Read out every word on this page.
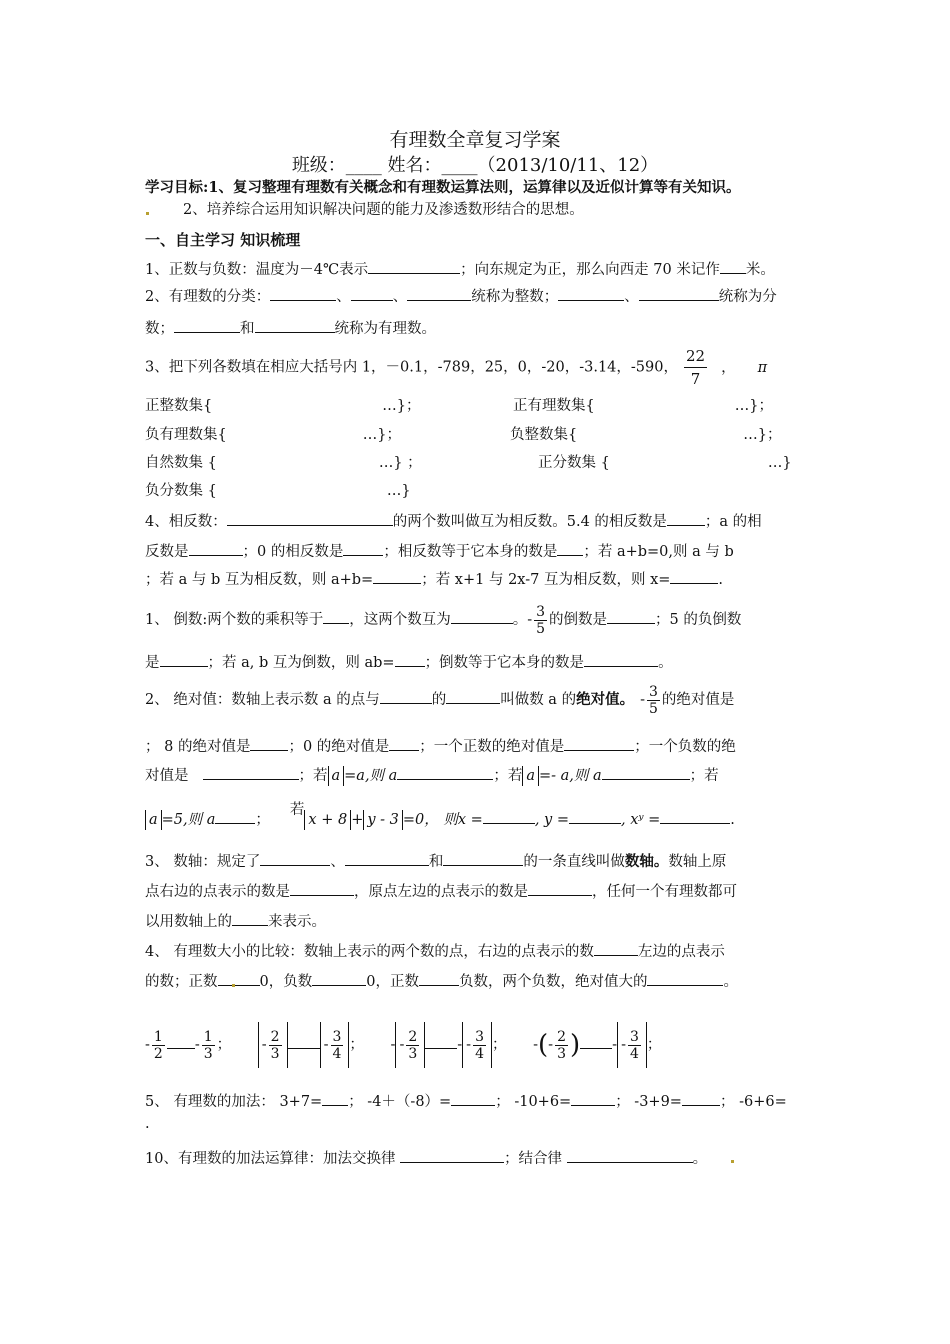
有理数全章复习学案
班级：____ 姓名：____（2013/10/11、12）
学习目标:1、复习整理有理数有关概念和有理数运算法则，运算律以及近似计算等有关知识。
2、培养综合运用知识解决问题的能力及渗透数形结合的思想。
一、自主学习 知识梳理
1、正数与负数：温度为－4℃表示	；向东规定为正，那么向西走 70 米记作 米。
2、有理数的分类：	、	、	统称为整数；	、	统称为分
数；	和	统称为有理数。
3、把下列各数填在相应大括号内 1，－0.1，-789，25，0，-20，-3.14，-590， $\frac{22}{7}$ ， π
正整数集{	…}；	正有理数集{	…}；
负有理数集{	…}；	负整数集{	…}；
自然数集 {	…} ；	正分数集 {	…}
负分数集 {	…}
4、相反数：	的两个数叫做互为相反数。5.4 的相反数是	；a 的相
反数是	；0 的相反数是	；相反数等于它本身的数是 ；若 a+b=0,则 a 与 b
；若 a 与 b 互为相反数，则 a+b=	；若 x+1 与 2x-7 互为相反数，则 x=	.
1、 倒数:两个数的乘积等于 ，这两个数互为	。- $\frac{3}{5}$ 的倒数是	；5 的负倒数
是	；若 a, b 互为倒数，则 ab= ；倒数等于它本身的数是	。
2、 绝对值：数轴上表示数 a 的点与	的	叫做数 a 的绝对值。 - $\frac{3}{5}$ 的绝对值是
； 8 的绝对值是	；0 的绝对值是 ；一个正数的绝对值是	；一个负数的绝
对值是	；若 a =a,则 a	；若 a =- a,则 a	；若
a =5,则 a	；若x + 8 + y - 3 =0， 则x =	, y =	, xʸ =	.
3、 数轴：规定了	、	和	的一条直线叫做数轴。数轴上原
点右边的点表示的数是	，原点左边的点表示的数是	，任何一个有理数都可
以用数轴上的 来表示。
4、 有理数大小的比较：数轴上表示的两个数的点，右边的点表示的数	左边的点表示
的数；正数	0，负数	0，正数	负数，两个负数，绝对值大的	。
- $\frac{1}{2} - \frac{1}{3}$ ； - $\frac{2}{3}$	- $\frac{3}{4}$ ； - - $\frac{2}{3}$	- - $\frac{3}{4}$ ； -(- $\frac{2}{3}$ ) - - $\frac{3}{4}$ ；
5、 有理数的加法： 3+7= ； -4＋（-8）=	； -10+6=	； -3+9=	； -6+6=
.
10、有理数的加法运算律：加法交换律	；结合律	。
